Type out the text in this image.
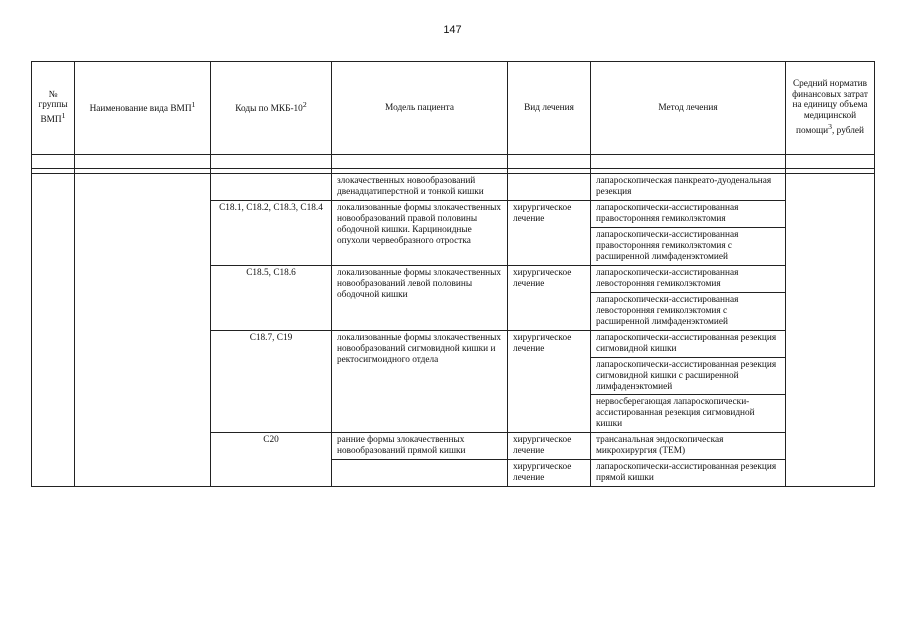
147
№ группы ВМП$^1$	Наименование вида ВМП$^1$	Коды по МКБ-$10^2$	Модель пациента	Вид лечения	Метод лечения	Средний норматив финансовых затрат на единицу объема медицинской помощи$^3$, рублей

			злокачественных новообразований двенадцатиперстной и тонкой кишки		лапароскопическая панкреато-дуоденальная резекция	
		C18.1, C18.2, C18.3, C18.4	локализованные формы злокачественных новообразований правой половины ободочной кишки. Карциноидные опухоли червеобразного отростка	хирургическое лечение	лапароскопически-ассистированная правосторонняя гемиколэктомия	
					лапароскопически-ассистированная правосторонняя гемиколэктомия с расширенной лимфаденэктомией	
		C18.5, C18.6	локализованные формы злокачественных новообразований левой половины ободочной кишки	хирургическое лечение	лапароскопически-ассистированная левосторонняя гемиколэктомия	
					лапароскопически-ассистированная левосторонняя гемиколэктомия с расширенной лимфаденэктомией	
		C18.7, C19	локализованные формы злокачественных новообразований сигмовидной кишки и ректосигмоидного отдела	хирургическое лечение	лапароскопически-ассистированная резекция сигмовидной кишки	
					лапароскопически-ассистированная резекция сигмовидной кишки с расширенной лимфаденэктомией	
					нервосберегающая лапароскопически-ассистированная резекция сигмовидной кишки	
		C20	ранние формы злокачественных новообразований прямой кишки	хирургическое лечение	трансанальная эндоскопическая микрохирургия (ТЕМ)	
				хирургическое лечение	лапароскопически-ассистированная резекция прямой кишки	
